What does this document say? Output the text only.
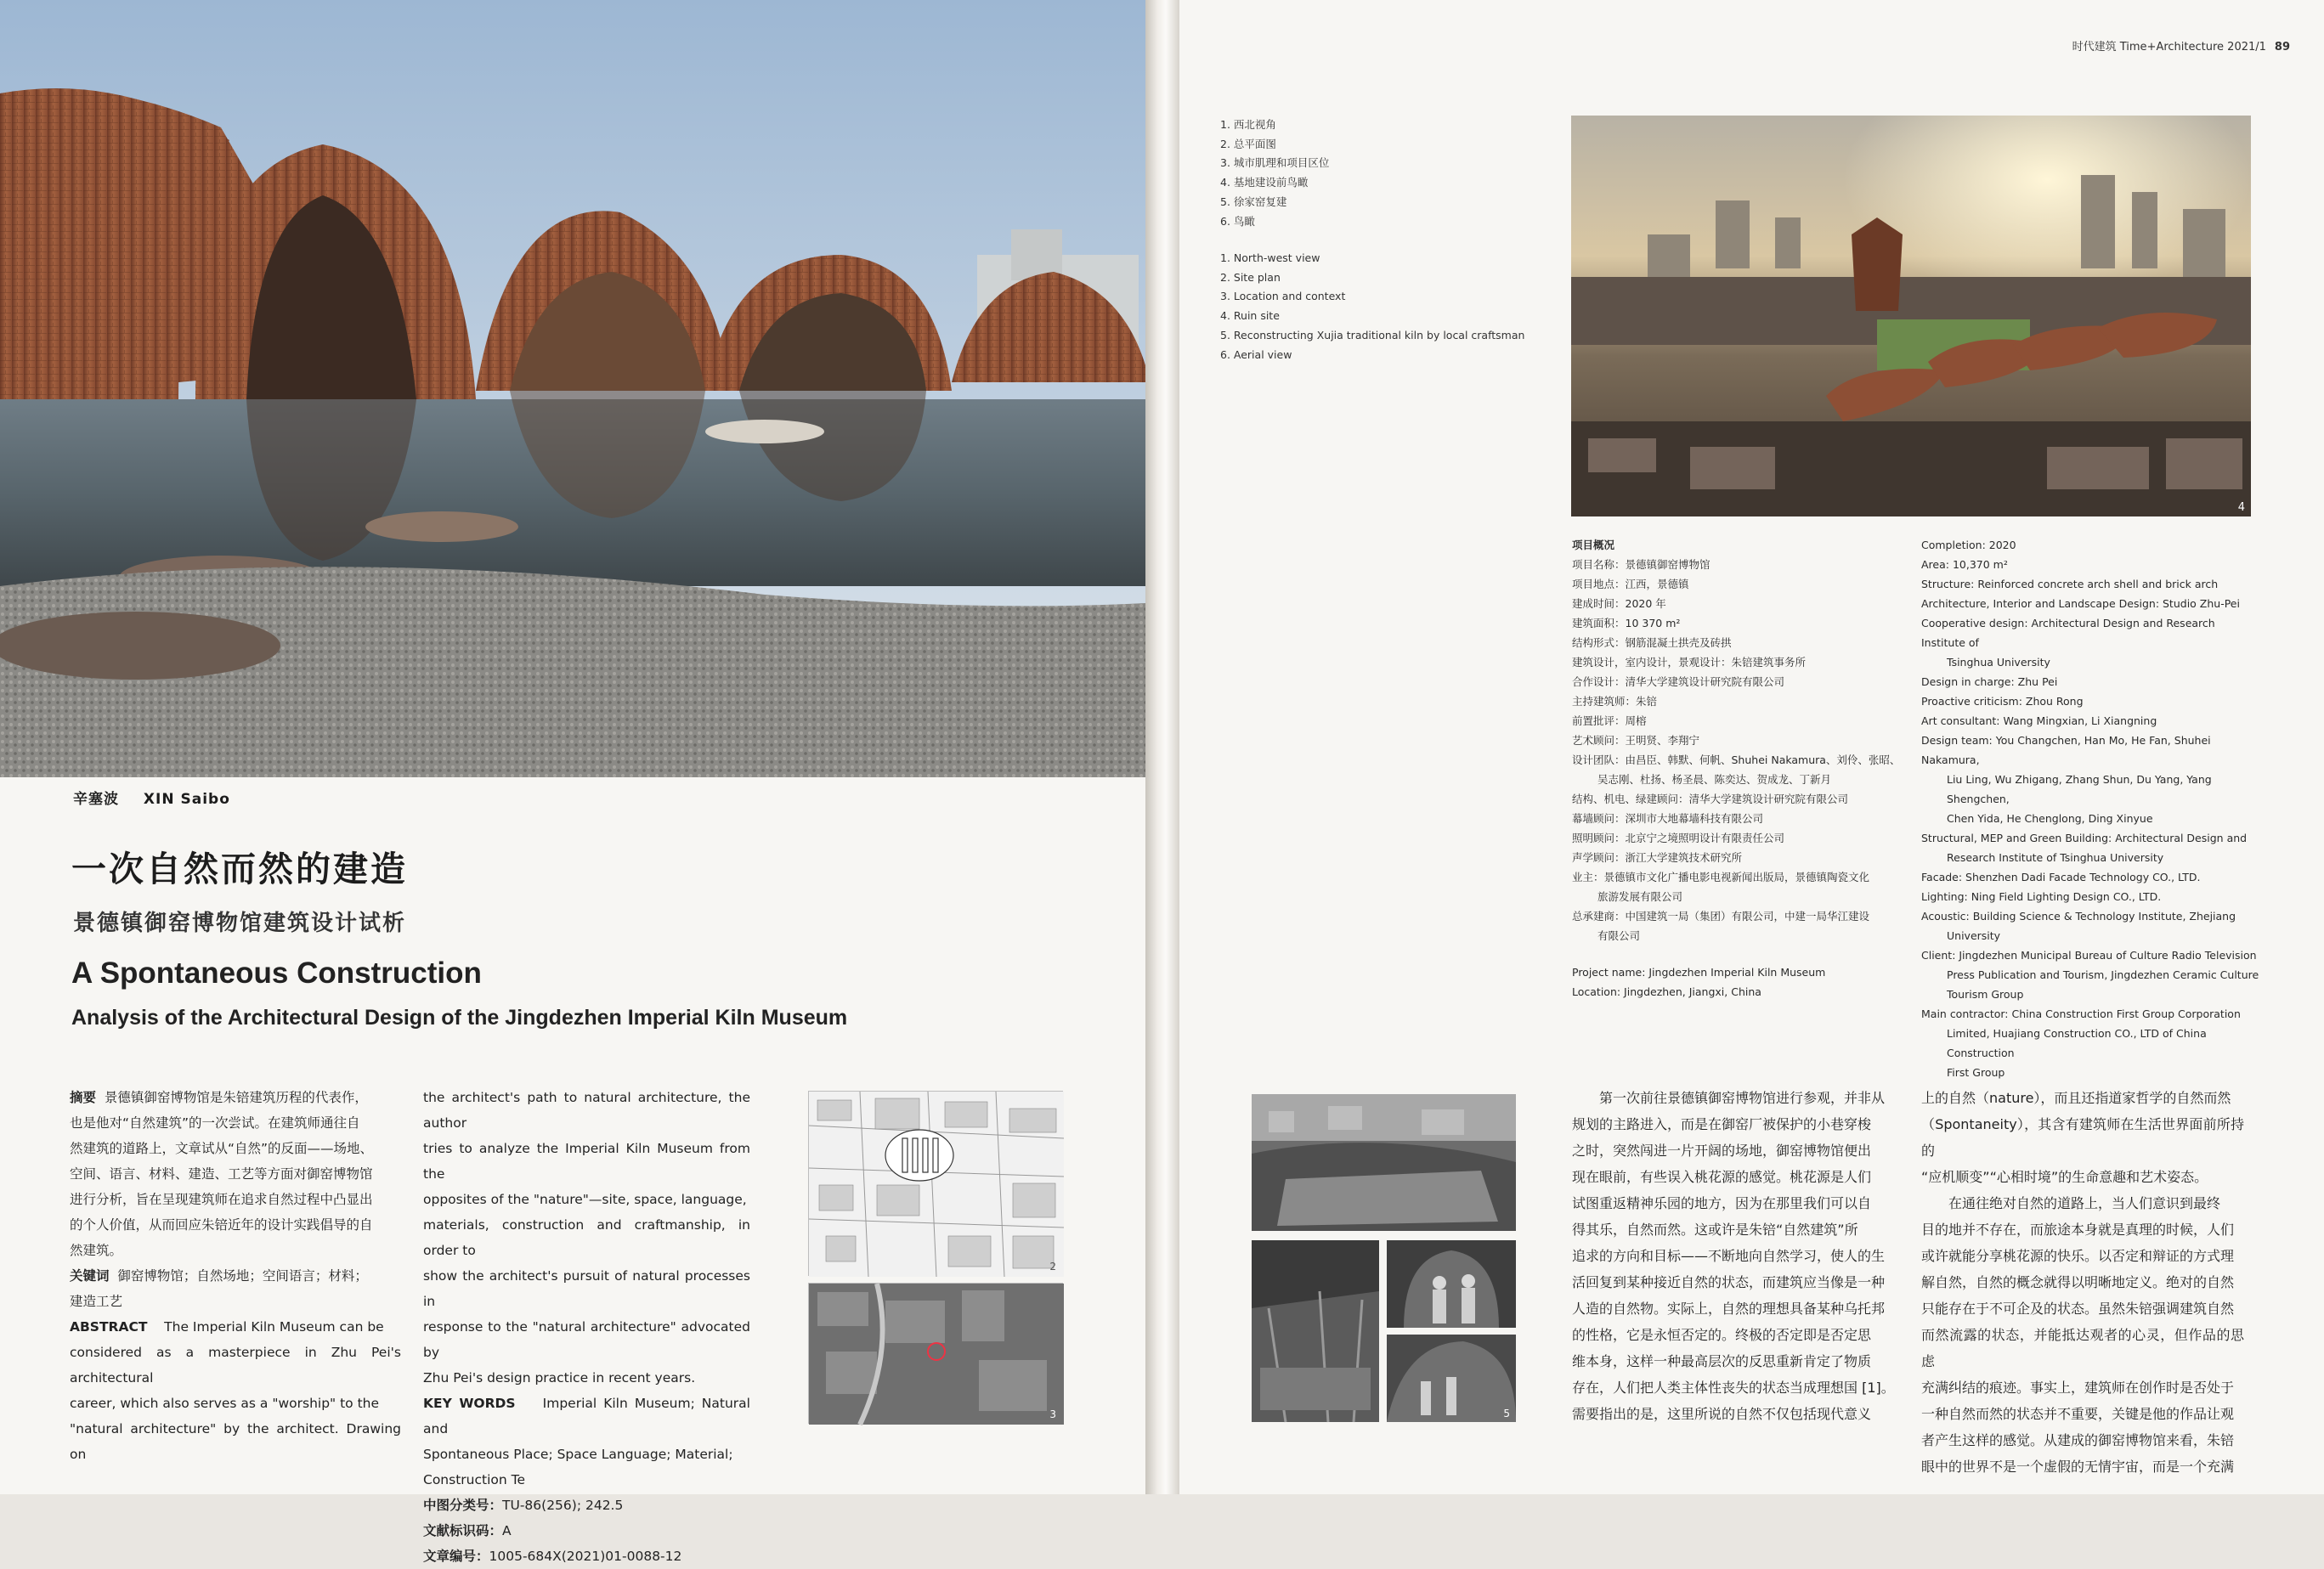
辛塞波 XIN Saibo
一次自然而然的建造
景德镇御窑博物馆建筑设计试析
A Spontaneous Construction
Analysis of the Architectural Design of the Jingdezhen Imperial Kiln Museum
摘要 景德镇御窑博物馆是朱锫建筑历程的代表作，
也是他对“自然建筑”的一次尝试。在建筑师通往自
然建筑的道路上，文章试从“自然”的反面——场地、
空间、语言、材料、建造、工艺等方面对御窑博物馆
进行分析，旨在呈现建筑师在追求自然过程中凸显出
的个人价值，从而回应朱锫近年的设计实践倡导的自
然建筑。
关键词 御窑博物馆；自然场地；空间语言；材料；
建造工艺
ABSTRACT The Imperial Kiln Museum can be
considered as a masterpiece in Zhu Pei's architectural
career, which also serves as a "worship" to the
"natural architecture" by the architect. Drawing on
the architect's path to natural architecture, the author
tries to analyze the Imperial Kiln Museum from the
opposites of the "nature"—site, space, language,
materials, construction and craftmanship, in order to
show the architect's pursuit of natural processes in
response to the "natural architecture" advocated by
Zhu Pei's design practice in recent years.
KEY WORDS Imperial Kiln Museum; Natural and
Spontaneous Place; Space Language; Material;
Construction Te
中图分类号：TU-86(256); 242.5
文献标识码：A
文章编号：1005-684X(2021)01-0088-12
2
3
时代建筑 Time+Architecture 2021/1 89
1. 西北视角
2. 总平面图
3. 城市肌理和项目区位
4. 基地建设前鸟瞰
5. 徐家窑复建
6. 鸟瞰
1. North-west view
2. Site plan
3. Location and context
4. Ruin site
5. Reconstructing Xujia traditional kiln by local craftsman
6. Aerial view
4
项目概况
项目名称：景德镇御窑博物馆
项目地点：江西，景德镇
建成时间：2020 年
建筑面积：10 370 m²
结构形式：钢筋混凝土拱壳及砖拱
建筑设计，室内设计，景观设计：朱锫建筑事务所
合作设计：清华大学建筑设计研究院有限公司
主持建筑师：朱锫
前置批评：周榕
艺术顾问：王明贤、李翔宁
设计团队：由昌臣、韩默、何帆、Shuhei Nakamura、刘伶、张昭、
吴志刚、杜扬、杨圣晨、陈奕达、贺成龙、丁新月
结构、机电、绿建顾问：清华大学建筑设计研究院有限公司
幕墙顾问：深圳市大地幕墙科技有限公司
照明顾问：北京宁之境照明设计有限责任公司
声学顾问：浙江大学建筑技术研究所
业主：景德镇市文化广播电影电视新闻出版局，景德镇陶瓷文化
旅游发展有限公司
总承建商：中国建筑一局（集团）有限公司，中建一局华江建设
有限公司
Project name: Jingdezhen Imperial Kiln Museum
Location: Jingdezhen, Jiangxi, China
Completion: 2020
Area: 10,370 m²
Structure: Reinforced concrete arch shell and brick arch
Architecture, Interior and Landscape Design: Studio Zhu-Pei
Cooperative design: Architectural Design and Research Institute of
Tsinghua University
Design in charge: Zhu Pei
Proactive criticism: Zhou Rong
Art consultant: Wang Mingxian, Li Xiangning
Design team: You Changchen, Han Mo, He Fan, Shuhei Nakamura,
Liu Ling, Wu Zhigang, Zhang Shun, Du Yang, Yang Shengchen,
Chen Yida, He Chenglong, Ding Xinyue
Structural, MEP and Green Building: Architectural Design and
Research Institute of Tsinghua University
Facade: Shenzhen Dadi Facade Technology CO., LTD.
Lighting: Ning Field Lighting Design CO., LTD.
Acoustic: Building Science & Technology Institute, Zhejiang
University
Client: Jingdezhen Municipal Bureau of Culture Radio Television
Press Publication and Tourism, Jingdezhen Ceramic Culture
Tourism Group
Main contractor: China Construction First Group Corporation
Limited, Huajiang Construction CO., LTD of China Construction
First Group
5
第一次前往景德镇御窑博物馆进行参观，并非从
规划的主路进入，而是在御窑厂被保护的小巷穿梭
之时，突然闯进一片开阔的场地，御窑博物馆便出
现在眼前，有些误入桃花源的感觉。桃花源是人们
试图重返精神乐园的地方，因为在那里我们可以自
得其乐，自然而然。这或许是朱锫“自然建筑”所
追求的方向和目标——不断地向自然学习，使人的生
活回复到某种接近自然的状态，而建筑应当像是一种
人造的自然物。实际上，自然的理想具备某种乌托邦
的性格，它是永恒否定的。终极的否定即是否定思
维本身，这样一种最高层次的反思重新肯定了物质
存在，人们把人类主体性丧失的状态当成理想国 [1]。
需要指出的是，这里所说的自然不仅包括现代意义
上的自然（nature），而且还指道家哲学的自然而然
（Spontaneity），其含有建筑师在生活世界面前所持的
“应机顺变”“心相时境”的生命意趣和艺术姿态。
在通往绝对自然的道路上，当人们意识到最终
目的地并不存在，而旅途本身就是真理的时候，人们
或许就能分享桃花源的快乐。以否定和辩证的方式理
解自然，自然的概念就得以明晰地定义。绝对的自然
只能存在于不可企及的状态。虽然朱锫强调建筑自然
而然流露的状态，并能抵达观者的心灵，但作品的思虑
充满纠结的痕迹。事实上，建筑师在创作时是否处于
一种自然而然的状态并不重要，关键是他的作品让观
者产生这样的感觉。从建成的御窑博物馆来看，朱锫
眼中的世界不是一个虚假的无情宇宙，而是一个充满
